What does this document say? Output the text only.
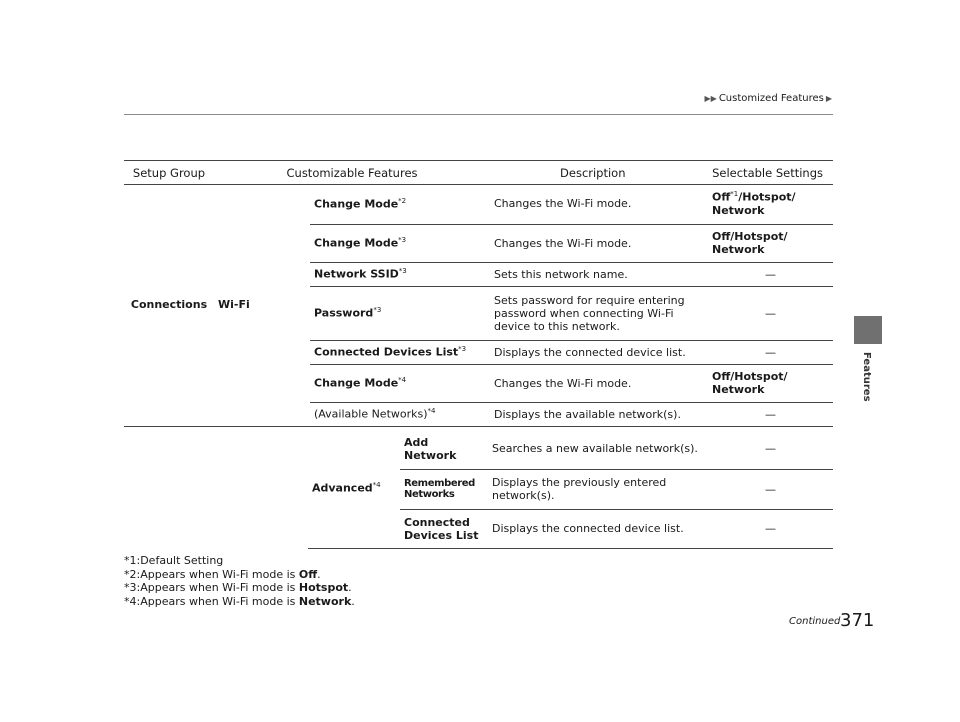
▶▶ Customized Features ▶
Features
Setup Group	Customizable Features		Description	Selectable Settings
Connections	Wi-Fi	Change Mode$^{*2}$	Changes the Wi-Fi mode.	Off$^{*1}$/Hotspot/
Network
		Change Mode$^{*3}$	Changes the Wi-Fi mode.	Off/Hotspot/
Network
		Network SSID$^{*3}$	Sets this network name.	—
		Password$^{*3}$	Sets password for require entering
password when connecting Wi-Fi
device to this network.	—
		Connected Devices List$^{*3}$	Displays the connected device list.	—
		Change Mode$^{*4}$	Changes the Wi-Fi mode.	Off/Hotspot/
Network
		(Available Networks)$^{*4}$	Displays the available network(s).	—
Advanced$^{*4}$	Add
Network	Searches a new available network(s).	—
	Remembered
Networks	Displays the previously entered
network(s).	—
	Connected
Devices List	Displays the connected device list.	—
*1:Default Setting
*2:Appears when Wi-Fi mode is Off.
*3:Appears when Wi-Fi mode is Hotspot.
*4:Appears when Wi-Fi mode is Network.
Continued 371
